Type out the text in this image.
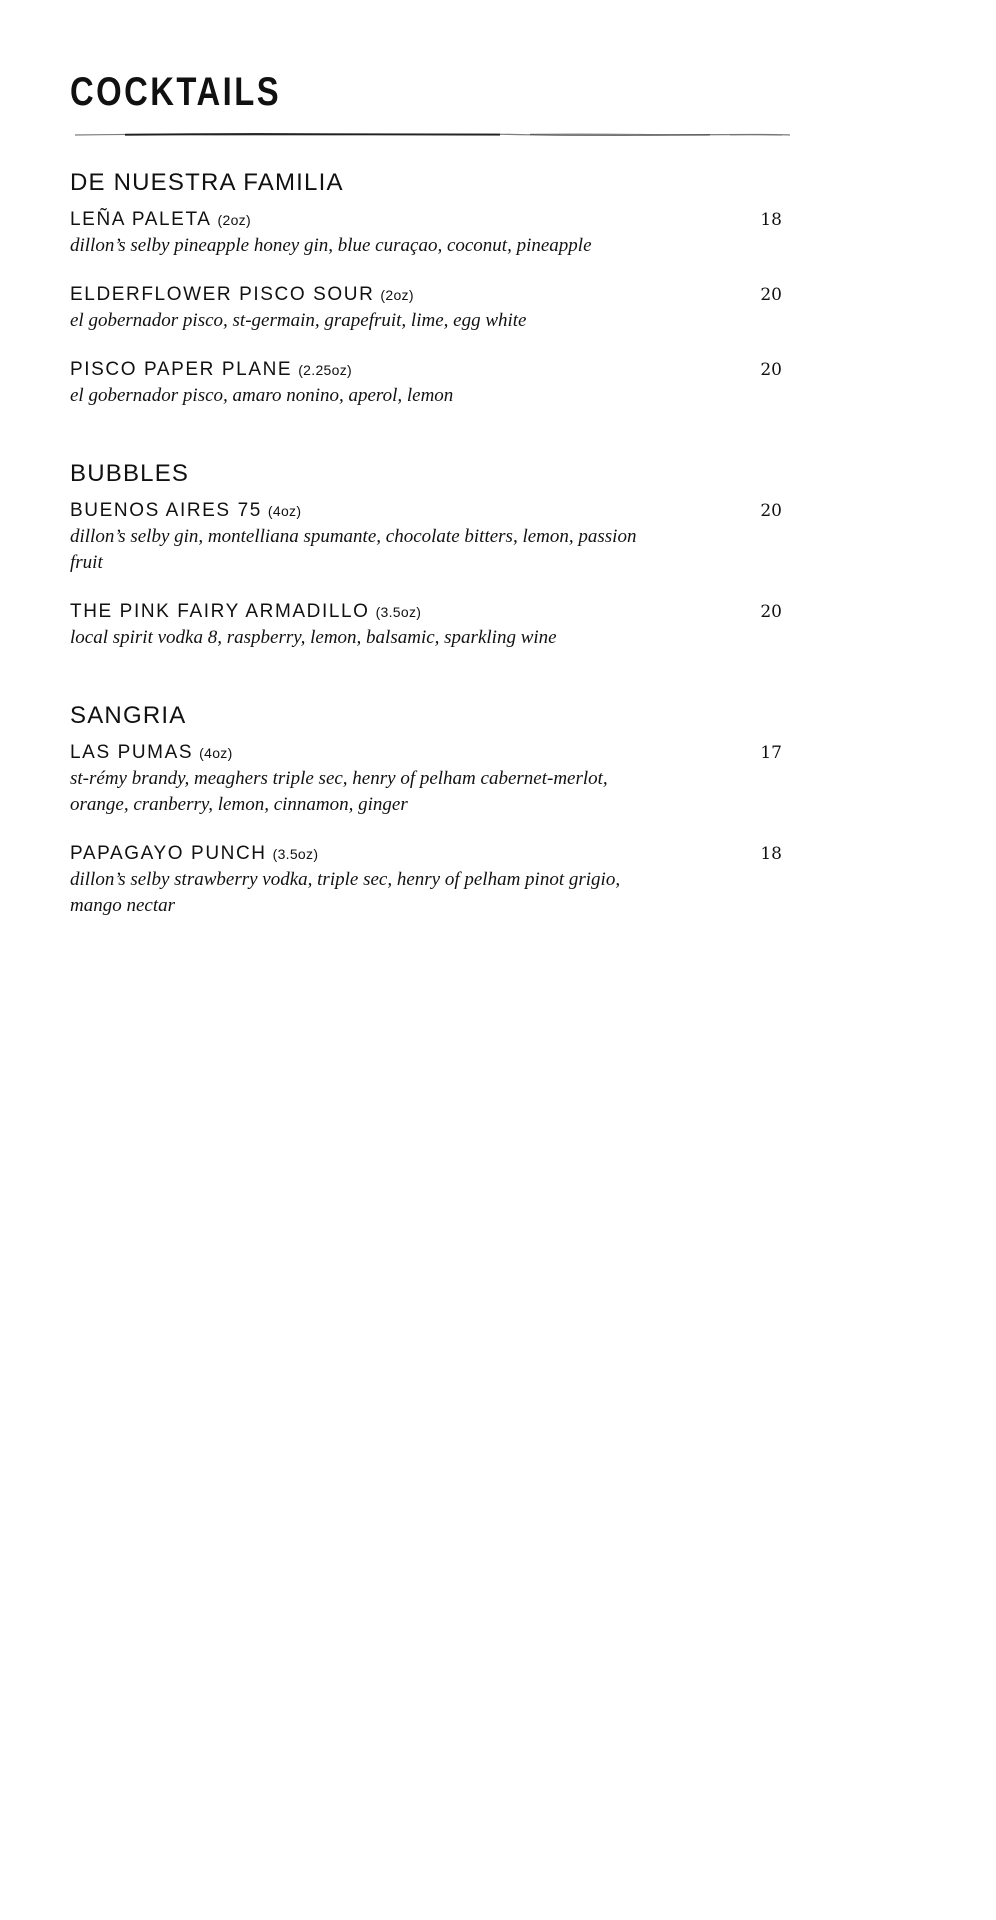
COCKTAILS
DE NUESTRA FAMILIA
LEÑA PALETA (2oz)	18
dillon’s selby pineapple honey gin, blue curaçao, coconut, pineapple
ELDERFLOWER PISCO SOUR (2oz)	20
el gobernador pisco, st-germain, grapefruit, lime, egg white
PISCO PAPER PLANE (2.25oz)	20
el gobernador pisco, amaro nonino, aperol, lemon
BUBBLES
BUENOS AIRES 75 (4oz)	20
dillon’s selby gin, montelliana spumante, chocolate bitters, lemon, passion fruit
THE PINK FAIRY ARMADILLO (3.5oz)	20
local spirit vodka 8, raspberry, lemon, balsamic, sparkling wine
SANGRIA
LAS PUMAS (4oz)	17
st-rémy brandy, meaghers triple sec, henry of pelham cabernet-merlot, orange, cranberry, lemon, cinnamon, ginger
PAPAGAYO PUNCH (3.5oz)	18
dillon’s selby strawberry vodka, triple sec, henry of pelham pinot grigio, mango nectar
